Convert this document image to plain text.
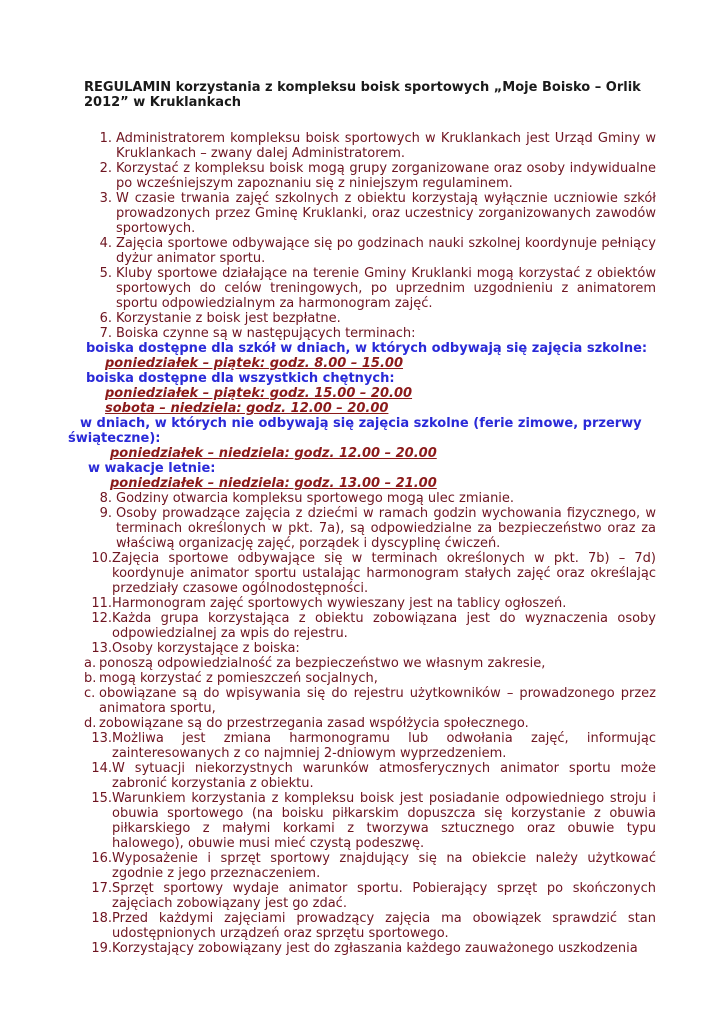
REGULAMIN korzystania z kompleksu boisk sportowych „Moje Boisko – Orlik 2012” w Kruklankach
1. Administratorem kompleksu boisk sportowych w Kruklankach jest Urząd Gminy w Kruklankach – zwany dalej Administratorem.
2. Korzystać z kompleksu boisk mogą grupy zorganizowane oraz osoby indywidualne po wcześniejszym zapoznaniu się z niniejszym regulaminem.
3. W czasie trwania zajęć szkolnych z obiektu korzystają wyłącznie uczniowie szkół prowadzonych przez Gminę Kruklanki, oraz uczestnicy zorganizowanych zawodów sportowych.
4. Zajęcia sportowe odbywające się po godzinach nauki szkolnej koordynuje pełniący dyżur animator sportu.
5. Kluby sportowe działające na terenie Gminy Kruklanki mogą korzystać z obiektów sportowych do celów treningowych, po uprzednim uzgodnieniu z animatorem sportu odpowiedzialnym za harmonogram zajęć.
6. Korzystanie z boisk jest bezpłatne.
7. Boiska czynne są w następujących terminach:
boiska dostępne dla szkół w dniach, w których odbywają się zajęcia szkolne:
poniedziałek – piątek: godz. 8.00 – 15.00
boiska dostępne dla wszystkich chętnych:
poniedziałek – piątek: godz. 15.00 – 20.00
sobota – niedziela: godz. 12.00 – 20.00
w dniach, w których nie odbywają się zajęcia szkolne (ferie zimowe, przerwy
świąteczne):
poniedziałek – niedziela: godz. 12.00 – 20.00
w wakacje letnie:
poniedziałek – niedziela: godz. 13.00 – 21.00
8. Godziny otwarcia kompleksu sportowego mogą ulec zmianie.
9. Osoby prowadzące zajęcia z dziećmi w ramach godzin wychowania fizycznego, w terminach określonych w pkt. 7a), są odpowiedzialne za bezpieczeństwo oraz za właściwą organizację zajęć, porządek i dyscyplinę ćwiczeń.
10. Zajęcia sportowe odbywające się w terminach określonych w pkt. 7b) – 7d) koordynuje animator sportu ustalając harmonogram stałych zajęć oraz określając przedziały czasowe ogólnodostępności.
11. Harmonogram zajęć sportowych wywieszany jest na tablicy ogłoszeń.
12. Każda grupa korzystająca z obiektu zobowiązana jest do wyznaczenia osoby odpowiedzialnej za wpis do rejestru.
13. Osoby korzystające z boiska:
a. ponoszą odpowiedzialność za bezpieczeństwo we własnym zakresie,
b. mogą korzystać z pomieszczeń socjalnych,
c. obowiązane są do wpisywania się do rejestru użytkowników – prowadzonego przez animatora sportu,
d. zobowiązane są do przestrzegania zasad współżycia społecznego.
13. Możliwa jest zmiana harmonogramu lub odwołania zajęć, informując zainteresowanych z co najmniej 2-dniowym wyprzedzeniem.
14. W sytuacji niekorzystnych warunków atmosferycznych animator sportu może zabronić korzystania z obiektu.
15. Warunkiem korzystania z kompleksu boisk jest posiadanie odpowiedniego stroju i obuwia sportowego (na boisku piłkarskim dopuszcza się korzystanie z obuwia piłkarskiego z małymi korkami z tworzywa sztucznego oraz obuwie typu halowego), obuwie musi mieć czystą podeszwę.
16. Wyposażenie i sprzęt sportowy znajdujący się na obiekcie należy użytkować zgodnie z jego przeznaczeniem.
17. Sprzęt sportowy wydaje animator sportu. Pobierający sprzęt po skończonych zajęciach zobowiązany jest go zdać.
18. Przed każdymi zajęciami prowadzący zajęcia ma obowiązek sprawdzić stan udostępnionych urządzeń oraz sprzętu sportowego.
19. Korzystający zobowiązany jest do zgłaszania każdego zauważonego uszkodzenia
